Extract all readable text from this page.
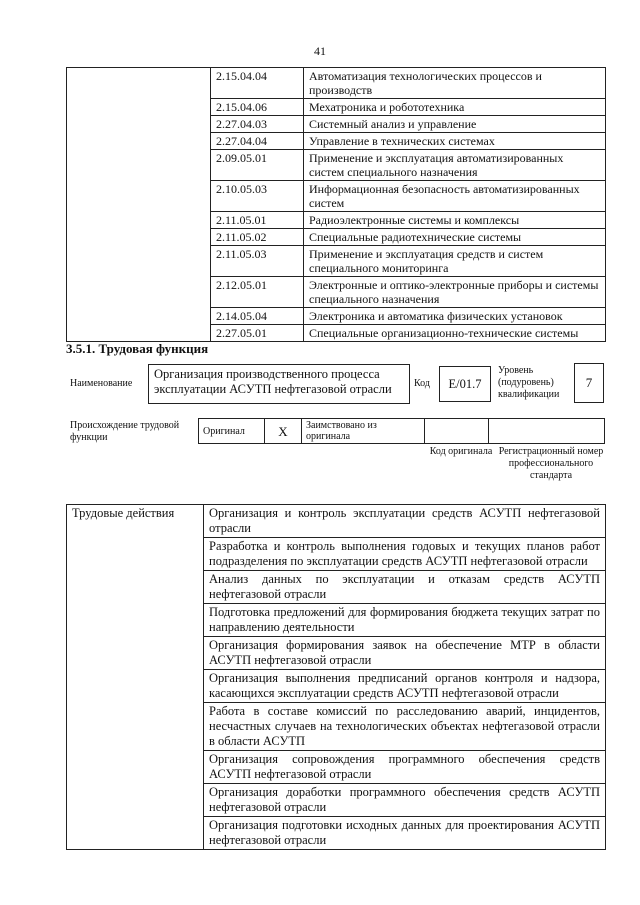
41
	2.15.04.04	Автоматизация технологических процессов и производств
	2.15.04.06	Мехатроника и робототехника
	2.27.04.03	Системный анализ и управление
	2.27.04.04	Управление в технических системах
	2.09.05.01	Применение и эксплуатация автоматизированных систем специального назначения
	2.10.05.03	Информационная безопасность автоматизированных систем
	2.11.05.01	Радиоэлектронные системы и комплексы
	2.11.05.02	Специальные радиотехнические системы
	2.11.05.03	Применение и эксплуатация средств и систем специального мониторинга
	2.12.05.01	Электронные и оптико-электронные приборы и системы специального назначения
	2.14.05.04	Электроника и автоматика физических установок
	2.27.05.01	Специальные организационно-технические системы
3.5.1. Трудовая функция
Наименование
Организация производственного процесса эксплуатации АСУТП нефтегазовой отрасли	Код	E/01.7
Уровень (подуровень) квалификации
7
Происхождение трудовой функции
Оригинал	X	Заимствовано из оригинала		
Код оригинала Регистрационный номер профессионального стандарта
Трудовые действия	Организация и контроль эксплуатации средств АСУТП нефтегазовой отрасли
Разработка и контроль выполнения годовых и текущих планов работ подразделения по эксплуатации средств АСУТП нефтегазовой отрасли
Анализ данных по эксплуатации и отказам средств АСУТП нефтегазовой отрасли
Подготовка предложений для формирования бюджета текущих затрат по направлению деятельности
Организация формирования заявок на обеспечение МТР в области АСУТП нефтегазовой отрасли
Организация выполнения предписаний органов контроля и надзора, касающихся эксплуатации средств АСУТП нефтегазовой отрасли
Работа в составе комиссий по расследованию аварий, инцидентов, несчастных случаев на технологических объектах нефтегазовой отрасли в области АСУТП
Организация сопровождения программного обеспечения средств АСУТП нефтегазовой отрасли
Организация доработки программного обеспечения средств АСУТП нефтегазовой отрасли
Организация подготовки исходных данных для проектирования АСУТП нефтегазовой отрасли
